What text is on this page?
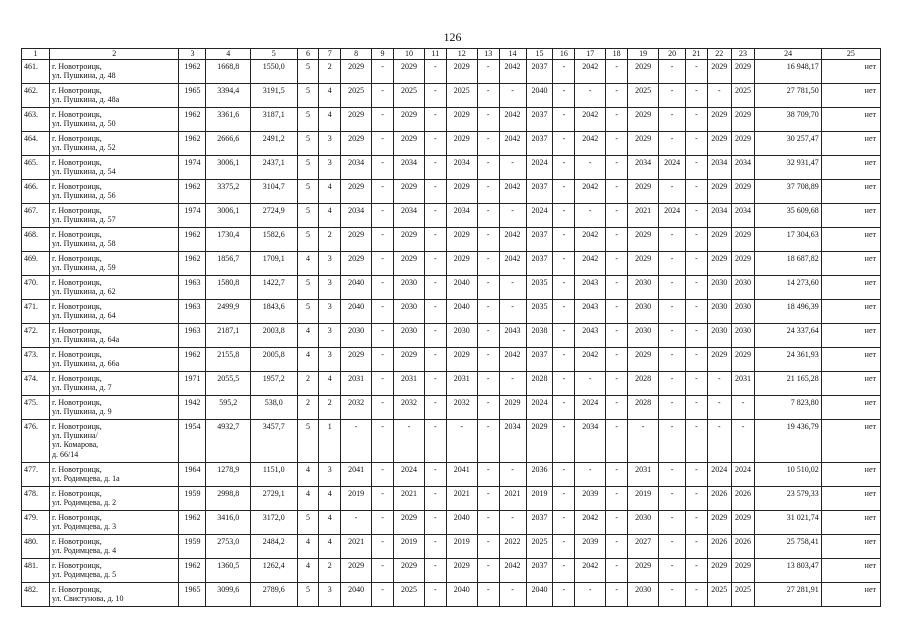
126
1	2	3	4	5	6	7	8	9	10	11	12	13	14	15	16	17	18	19	20	21	22	23	24	25
461.	г. Новотроицк,
ул. Пушкина, д. 48	1962	1668,8	1550,0	5	2	2029	-	2029	-	2029	-	2042	2037	-	2042	-	2029	-	-	2029	2029	16 948,17	нет
462.	г. Новотроицк,
ул. Пушкина, д. 48а	1965	3394,4	3191,5	5	4	2025	-	2025	-	2025	-	-	2040	-	-	-	2025	-	-	-	2025	27 781,50	нет
463.	г. Новотроицк,
ул. Пушкина, д. 50	1962	3361,6	3187,1	5	4	2029	-	2029	-	2029	-	2042	2037	-	2042	-	2029	-	-	2029	2029	38 709,70	нет
464.	г. Новотроицк,
ул. Пушкина, д. 52	1962	2666,6	2491,2	5	3	2029	-	2029	-	2029	-	2042	2037	-	2042	-	2029	-	-	2029	2029	30 257,47	нет
465.	г. Новотроицк,
ул. Пушкина, д. 54	1974	3006,1	2437,1	5	3	2034	-	2034	-	2034	-	-	2024	-	-	-	2034	2024	-	2034	2034	32 931,47	нет
466.	г. Новотроицк,
ул. Пушкина, д. 56	1962	3375,2	3104,7	5	4	2029	-	2029	-	2029	-	2042	2037	-	2042	-	2029	-	-	2029	2029	37 708,89	нет
467.	г. Новотроицк,
ул. Пушкина, д. 57	1974	3006,1	2724,9	5	4	2034	-	2034	-	2034	-	-	2024	-	-	-	2021	2024	-	2034	2034	35 609,68	нет
468.	г. Новотроицк,
ул. Пушкина, д. 58	1962	1730,4	1582,6	5	2	2029	-	2029	-	2029	-	2042	2037	-	2042	-	2029	-	-	2029	2029	17 304,63	нет
469.	г. Новотроицк,
ул. Пушкина, д. 59	1962	1856,7	1709,1	4	3	2029	-	2029	-	2029	-	2042	2037	-	2042	-	2029	-	-	2029	2029	18 687,82	нет
470.	г. Новотроицк,
ул. Пушкина, д. 62	1963	1580,8	1422,7	5	3	2040	-	2030	-	2040	-	-	2035	-	2043	-	2030	-	-	2030	2030	14 273,60	нет
471.	г. Новотроицк,
ул. Пушкина, д. 64	1963	2499,9	1843,6	5	3	2040	-	2030	-	2040	-	-	2035	-	2043	-	2030	-	-	2030	2030	18 496,39	нет
472.	г. Новотроицк,
ул. Пушкина, д. 64а	1963	2187,1	2003,8	4	3	2030	-	2030	-	2030	-	2043	2038	-	2043	-	2030	-	-	2030	2030	24 337,64	нет
473.	г. Новотроицк,
ул. Пушкина, д. 66а	1962	2155,8	2005,8	4	3	2029	-	2029	-	2029	-	2042	2037	-	2042	-	2029	-	-	2029	2029	24 361,93	нет
474.	г. Новотроицк,
ул. Пушкина, д. 7	1971	2055,5	1957,2	2	4	2031	-	2031	-	2031	-	-	2028	-	-	-	2028	-	-	-	2031	21 165,28	нет
475.	г. Новотроицк,
ул. Пушкина, д. 9	1942	595,2	538,0	2	2	2032	-	2032	-	2032	-	2029	2024	-	2024	-	2028	-	-	-	-	7 823,80	нет
476.	г. Новотроицк,
ул. Пушкина/
ул. Комарова,
д. 66/14	1954	4932,7	3457,7	5	1	-	-	-	-	-	-	2034	2029	-	2034	-	-	-	-	-	-	19 436,79	нет
477.	г. Новотроицк,
ул. Родимцева, д. 1а	1964	1278,9	1151,0	4	3	2041	-	2024	-	2041	-	-	2036	-	-	-	2031	-	-	2024	2024	10 510,02	нет
478.	г. Новотроицк,
ул. Родимцева, д. 2	1959	2998,8	2729,1	4	4	2019	-	2021	-	2021	-	2021	2019	-	2039	-	2019	-	-	2026	2026	23 579,33	нет
479.	г. Новотроицк,
ул. Родимцева, д. 3	1962	3416,0	3172,0	5	4	-	-	2029	-	2040	-	-	2037	-	2042	-	2030	-	-	2029	2029	31 021,74	нет
480.	г. Новотроицк,
ул. Родимцева, д. 4	1959	2753,0	2484,2	4	4	2021	-	2019	-	2019	-	2022	2025	-	2039	-	2027	-	-	2026	2026	25 758,41	нет
481.	г. Новотроицк,
ул. Родимцева, д. 5	1962	1360,5	1262,4	4	2	2029	-	2029	-	2029	-	2042	2037	-	2042	-	2029	-	-	2029	2029	13 803,47	нет
482.	г. Новотроицк,
ул. Свистунова, д. 10	1965	3099,6	2789,6	5	3	2040	-	2025	-	2040	-	-	2040	-	-	-	2030	-	-	2025	2025	27 281,91	нет
